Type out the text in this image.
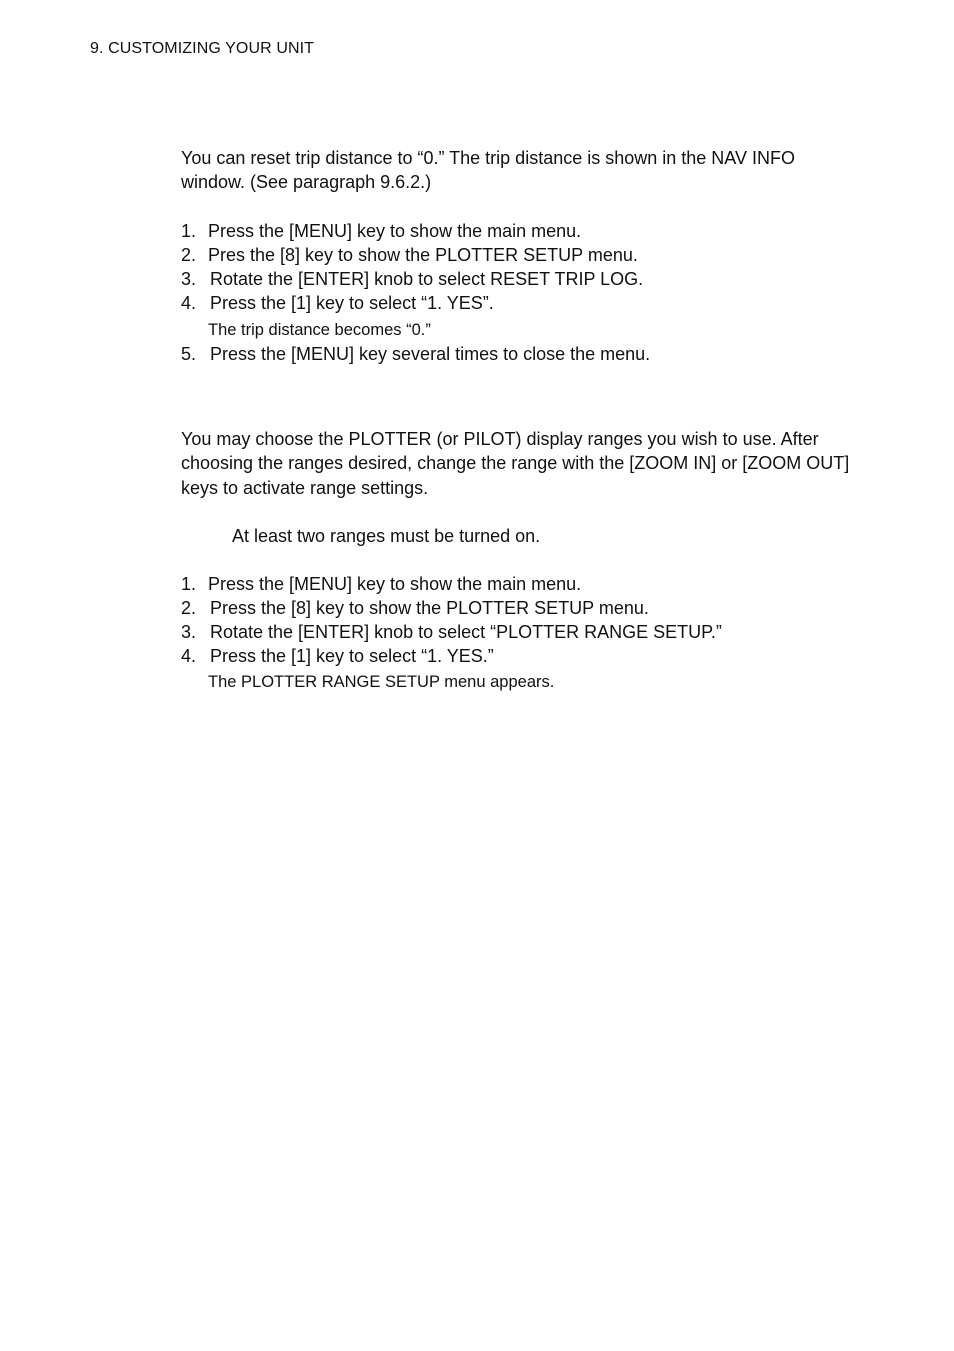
9. CUSTOMIZING YOUR UNIT

You can reset trip distance to “0.” The trip distance is shown in the NAV INFO window. (See paragraph 9.6.2.)

1. Press the [MENU] key to show the main menu.
2. Pres the [8] key to show the PLOTTER SETUP menu.
3. Rotate the [ENTER] knob to select RESET TRIP LOG.
4. Press the [1] key to select “1. YES”.
The trip distance becomes “0.”
5. Press the [MENU] key several times to close the menu.

You may choose the PLOTTER (or PILOT) display ranges you wish to use. After choosing the ranges desired, change the range with the [ZOOM IN] or [ZOOM OUT] keys to activate range settings.

At least two ranges must be turned on.
1. Press the [MENU] key to show the main menu.
2. Press the [8] key to show the PLOTTER SETUP menu.
3. Rotate the [ENTER] knob to select “PLOTTER RANGE SETUP.”
4. Press the [1] key to select “1. YES.”
The PLOTTER RANGE SETUP menu appears.
